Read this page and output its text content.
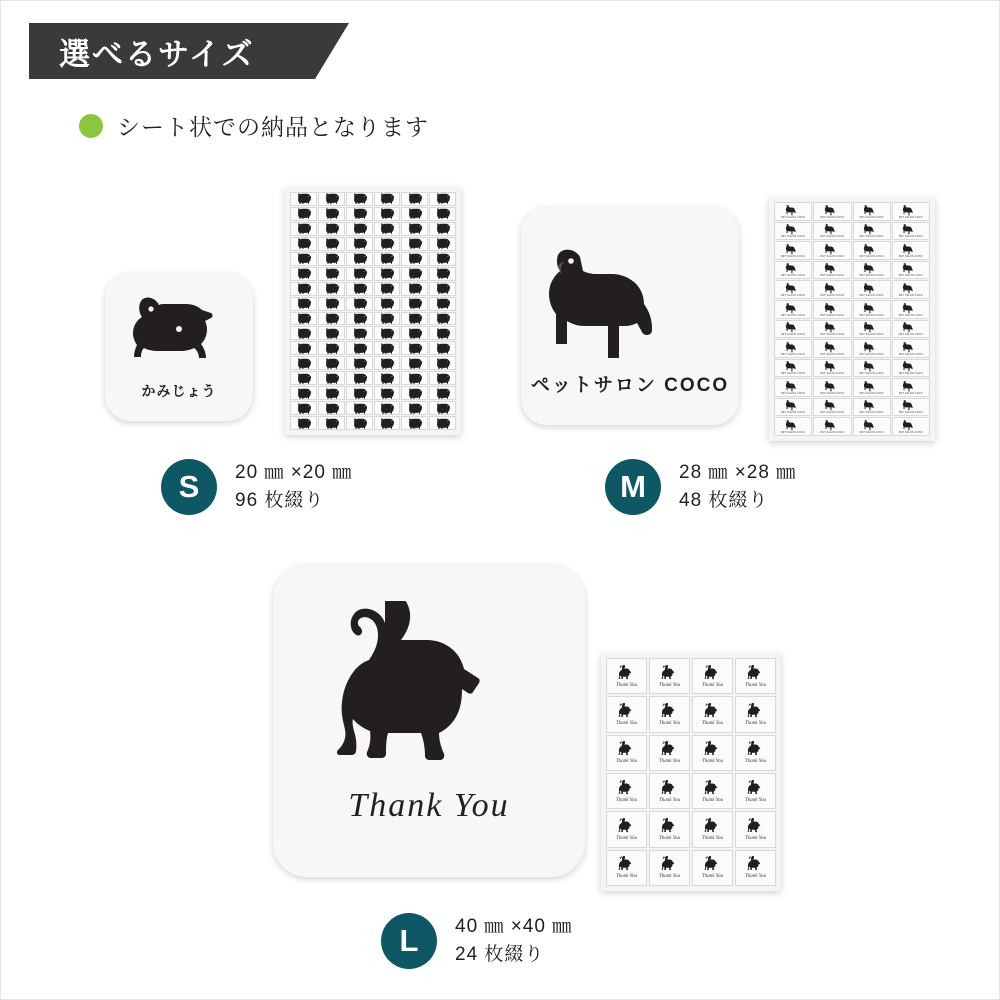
選べるサイズ
シート状での納品となります
かみじょう
S	20 ㎜ ×20 ㎜
96 枚綴り
ペットサロン COCO
PET SALON COCO	PET SALON COCO	PET SALON COCO	PET SALON COCO
PET SALON COCO	PET SALON COCO	PET SALON COCO	PET SALON COCO
PET SALON COCO	PET SALON COCO	PET SALON COCO	PET SALON COCO
PET SALON COCO	PET SALON COCO	PET SALON COCO	PET SALON COCO
PET SALON COCO	PET SALON COCO	PET SALON COCO	PET SALON COCO
PET SALON COCO	PET SALON COCO	PET SALON COCO	PET SALON COCO
PET SALON COCO	PET SALON COCO	PET SALON COCO	PET SALON COCO
PET SALON COCO	PET SALON COCO	PET SALON COCO	PET SALON COCO
PET SALON COCO	PET SALON COCO	PET SALON COCO	PET SALON COCO
PET SALON COCO	PET SALON COCO	PET SALON COCO	PET SALON COCO
PET SALON COCO	PET SALON COCO	PET SALON COCO	PET SALON COCO
PET SALON COCO	PET SALON COCO	PET SALON COCO	PET SALON COCO
M	28 ㎜ ×28 ㎜
48 枚綴り
Thank You
Thank You	Thank You	Thank You	Thank You
Thank You	Thank You	Thank You	Thank You
Thank You	Thank You	Thank You	Thank You
Thank You	Thank You	Thank You	Thank You
Thank You	Thank You	Thank You	Thank You
Thank You	Thank You	Thank You	Thank You
L	40 ㎜ ×40 ㎜
24 枚綴り
